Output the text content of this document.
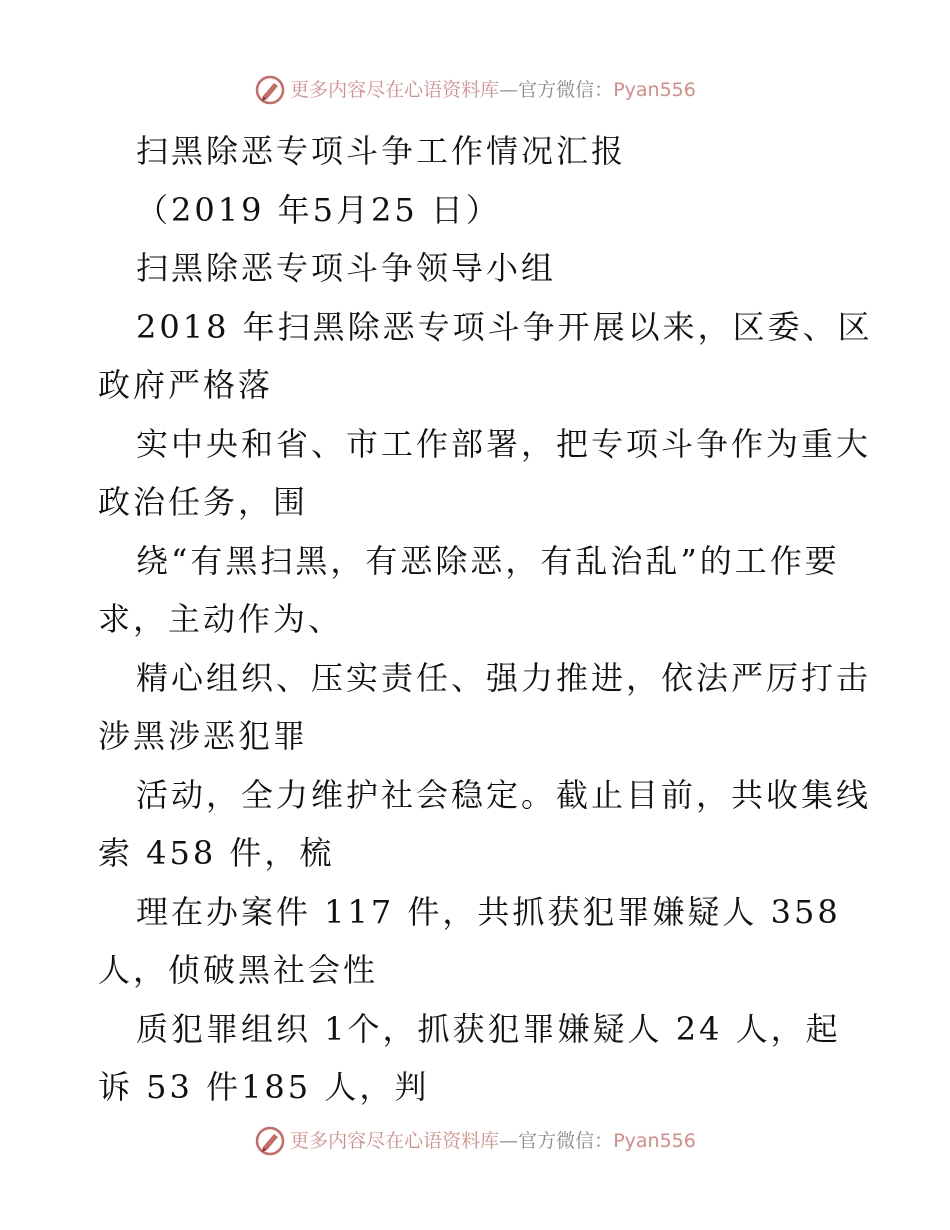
更多内容尽在心语资料库 — 官方微信： Pyan556
扫黑除恶专项斗争工作情况汇报
（2019 年5月25 日）
扫黑除恶专项斗争领导小组
2018 年扫黑除恶专项斗争开展以来，区委、区
政府严格落
实中央和省、市工作部署，把专项斗争作为重大
政治任务，围
绕“有黑扫黑，有恶除恶，有乱治乱”的工作要
求，主动作为、
精心组织、压实责任、强力推进，依法严厉打击
涉黑涉恶犯罪
活动，全力维护社会稳定。截止目前，共收集线
索 458 件，梳
理在办案件 117 件，共抓获犯罪嫌疑人 358
人，侦破黑社会性
质犯罪组织 1个，抓获犯罪嫌疑人 24 人，起
诉 53 件185 人，判
更多内容尽在心语资料库 — 官方微信： Pyan556
